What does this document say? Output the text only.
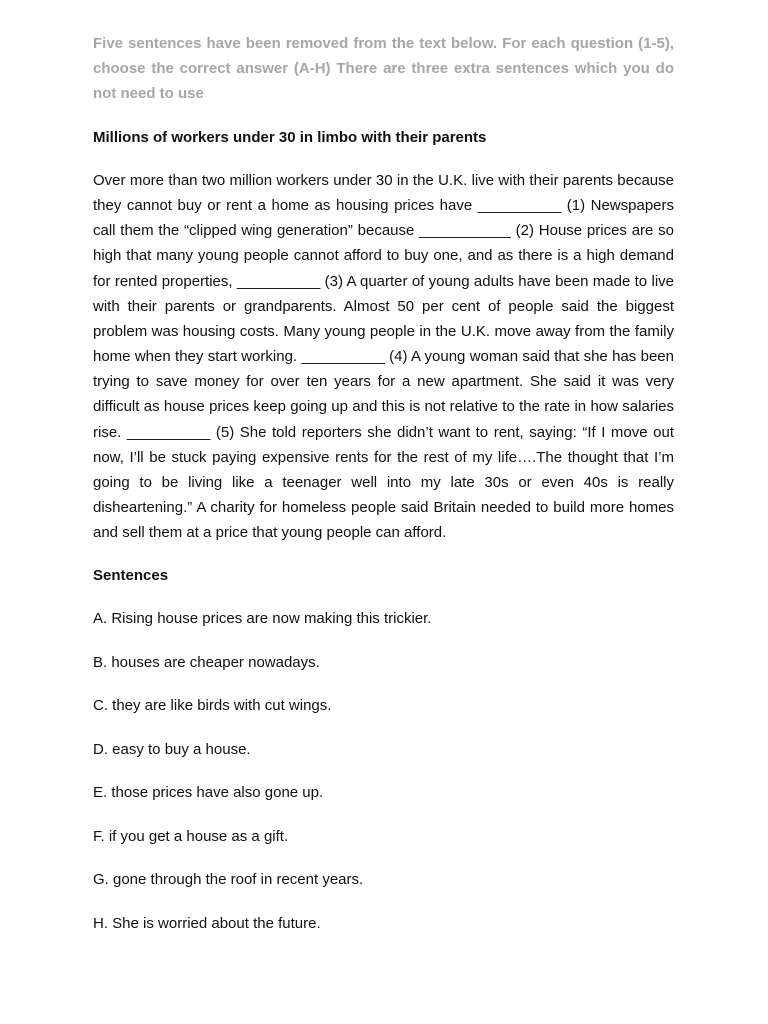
Five sentences have been removed from the text below. For each question (1-5), choose the correct answer (A-H) There are three extra sentences which you do not need to use

Millions of workers under 30 in limbo with their parents

Over more than two million workers under 30 in the U.K. live with their parents because they cannot buy or rent a home as housing prices have __________ (1) Newspapers call them the “clipped wing generation” because ___________ (2) House prices are so high that many young people cannot afford to buy one, and as there is a high demand for rented properties, __________ (3) A quarter of young adults have been made to live with their parents or grandparents. Almost 50 per cent of people said the biggest problem was housing costs. Many young people in the U.K. move away from the family home when they start working. __________ (4) A young woman said that she has been trying to save money for over ten years for a new apartment. She said it was very difficult as house prices keep going up and this is not relative to the rate in how salaries rise. __________ (5) She told reporters she didn’t want to rent, saying: “If I move out now, I’ll be stuck paying expensive rents for the rest of my life….The thought that I’m going to be living like a teenager well into my late 30s or even 40s is really disheartening.” A charity for homeless people said Britain needed to build more homes and sell them at a price that young people can afford.

Sentences

A. Rising house prices are now making this trickier.
B. houses are cheaper nowadays.
C. they are like birds with cut wings.
D. easy to buy a house.
E. those prices have also gone up.
F. if you get a house as a gift.
G. gone through the roof in recent years.
H. She is worried about the future.
